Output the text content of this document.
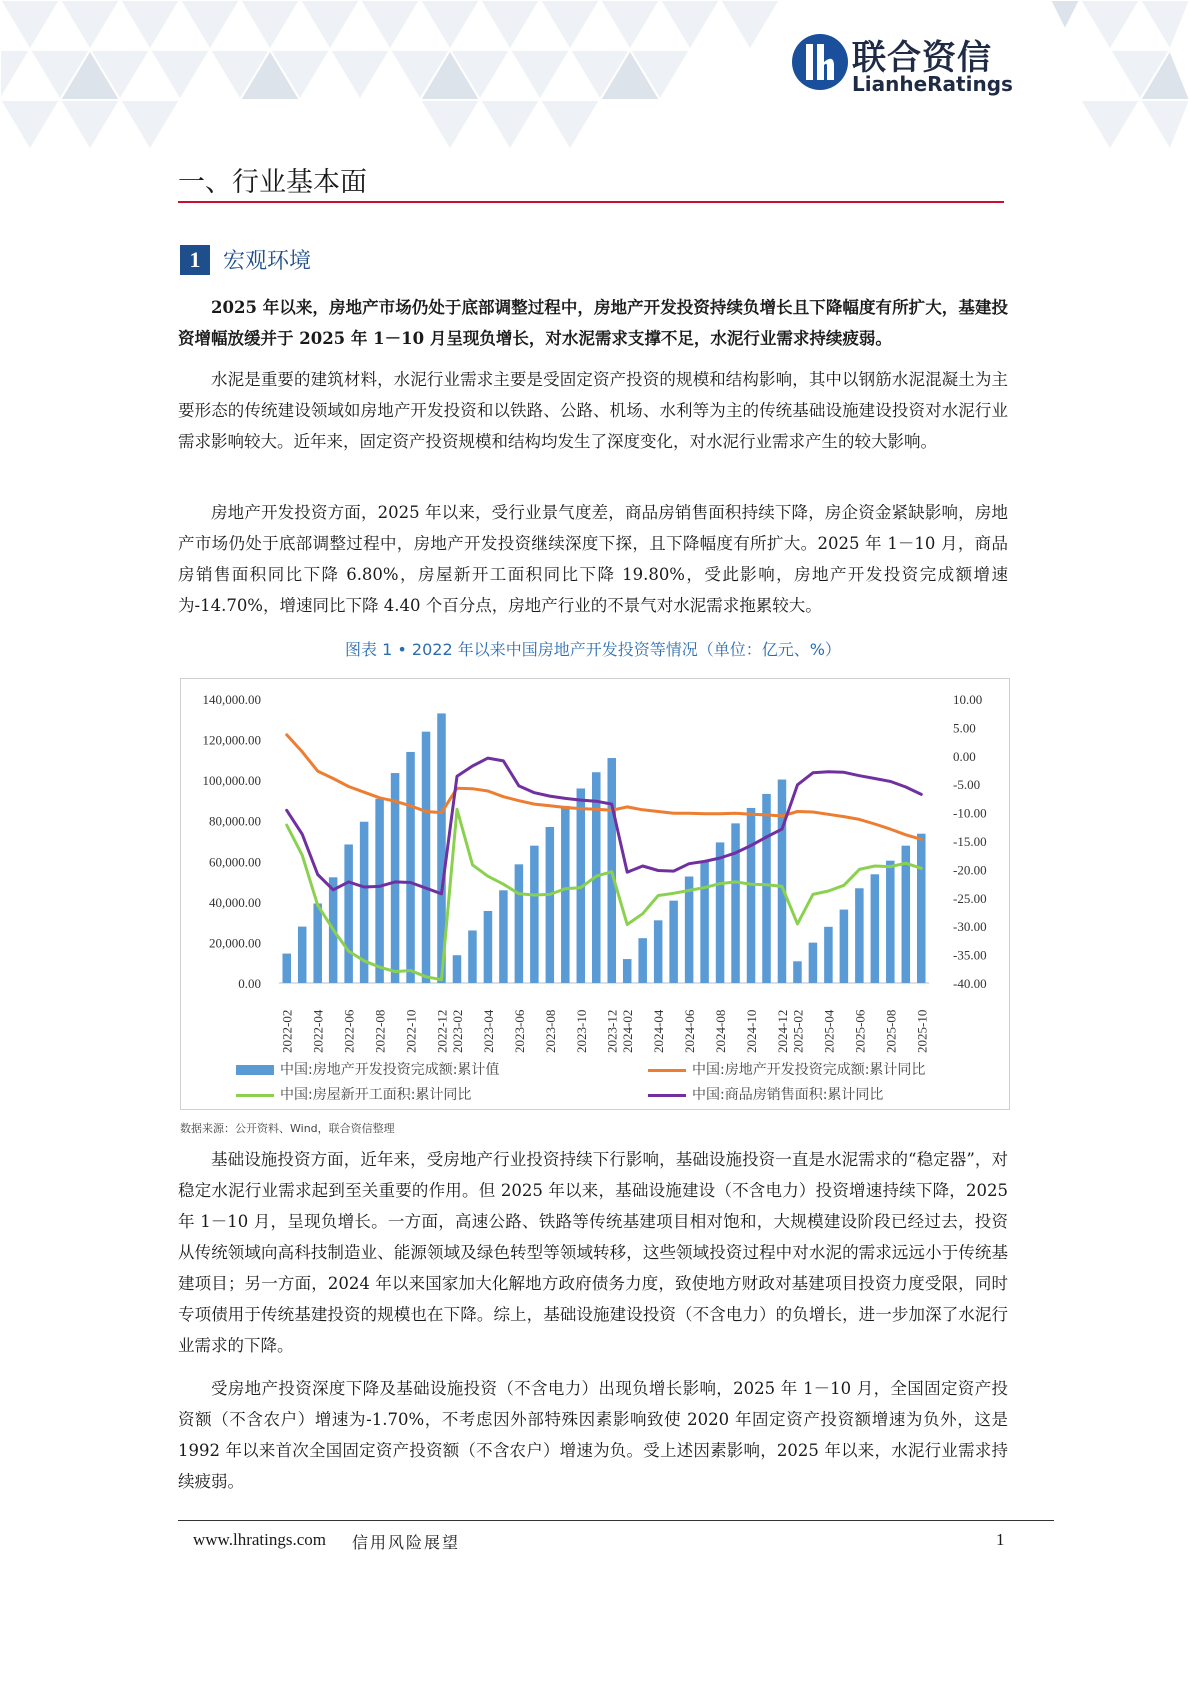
联合资信
LianheRatings
一、行业基本面
1	宏观环境

2025 年以来，房地产市场仍处于底部调整过程中，房地产开发投资持续负增长且下降幅度有所扩大，基建投资增幅放缓并于 2025 年 1－10 月呈现负增长，对水泥需求支撑不足，水泥行业需求持续疲弱。

水泥是重要的建筑材料，水泥行业需求主要是受固定资产投资的规模和结构影响，其中以钢筋水泥混凝土为主要形态的传统建设领域如房地产开发投资和以铁路、公路、机场、水利等为主的传统基础设施建设投资对水泥行业需求影响较大。近年来，固定资产投资规模和结构均发生了深度变化，对水泥行业需求产生的较大影响。

房地产开发投资方面，2025 年以来，受行业景气度差，商品房销售面积持续下降，房企资金紧缺影响，房地产市场仍处于底部调整过程中，房地产开发投资继续深度下探，且下降幅度有所扩大。2025 年 1－10 月，商品房销售面积同比下降 6.80%，房屋新开工面积同比下降 19.80%，受此影响，房地产开发投资完成额增速为-14.70%，增速同比下降 4.40 个百分点，房地产行业的不景气对水泥需求拖累较大。

图表 1 • 2022 年以来中国房地产开发投资等情况（单位：亿元、%）
0.00
20,000.00
40,000.00
60,000.00
80,000.00
100,000.00
120,000.00
140,000.00
-40.00
-35.00
-30.00
-25.00
-20.00
-15.00
-10.00
-5.00
0.00
5.00
10.00
2022-02 2022-04 2022-06 2022-08 2022-10 2022-12 2023-02 2023-04 2023-06 2023-08 2023-10 2023-12 2024-02 2024-04 2024-06 2024-08 2024-10 2024-12 2025-02 2025-04 2025-06 2025-08 2025-10
中国:房地产开发投资完成额:累计值	中国:房地产开发投资完成额:累计同比
中国:房屋新开工面积:累计同比	中国:商品房销售面积:累计同比
数据来源：公开资料、Wind，联合资信整理

基础设施投资方面，近年来，受房地产行业投资持续下行影响，基础设施投资一直是水泥需求的“稳定器”，对稳定水泥行业需求起到至关重要的作用。但 2025 年以来，基础设施建设（不含电力）投资增速持续下降，2025 年 1－10 月，呈现负增长。一方面，高速公路、铁路等传统基建项目相对饱和，大规模建设阶段已经过去，投资从传统领域向高科技制造业、能源领域及绿色转型等领域转移，这些领域投资过程中对水泥的需求远远小于传统基建项目；另一方面，2024 年以来国家加大化解地方政府债务力度，致使地方财政对基建项目投资力度受限，同时专项债用于传统基建投资的规模也在下降。综上，基础设施建设投资（不含电力）的负增长，进一步加深了水泥行业需求的下降。

受房地产投资深度下降及基础设施投资（不含电力）出现负增长影响，2025 年 1－10 月，全国固定资产投资额（不含农户）增速为-1.70%，不考虑因外部特殊因素影响致使 2020 年固定资产投资额增速为负外，这是 1992 年以来首次全国固定资产投资额（不含农户）增速为负。受上述因素影响，2025 年以来，水泥行业需求持续疲弱。

www.lhratings.com 信用风险展望	1
